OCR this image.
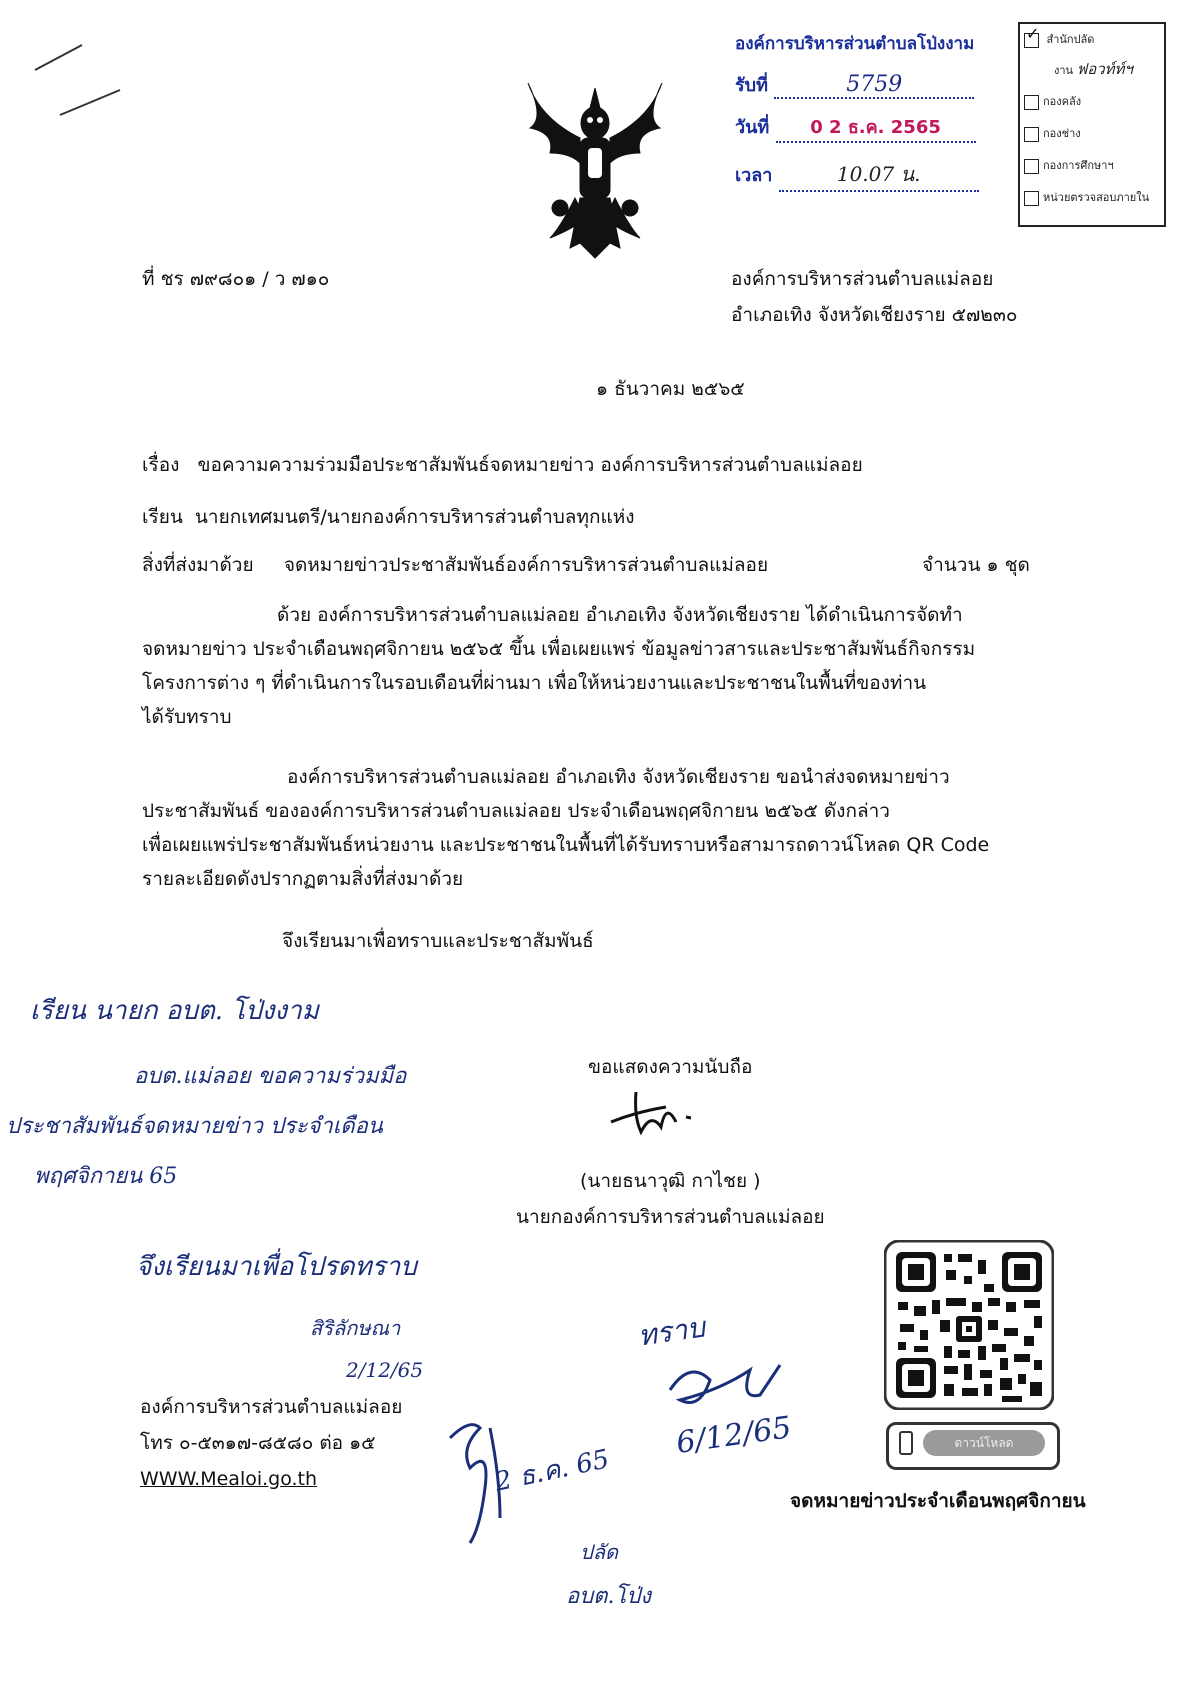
องค์การบริหารส่วนตำบลโป่งงาม
รับที่	5759
วันที่ 0 2 ธ.ค. 2565
เวลา	10.07 น.
✓ สำนักปลัด
งาน ฟอวท์ท์ฯ
กองคลัง
กองช่าง
กองการศึกษาฯ
หน่วยตรวจสอบภายใน
ที่ ชร ๗๙๘๐๑ / ว ๗๑๐	องค์การบริหารส่วนตำบลแม่ลอย
อำเภอเทิง จังหวัดเชียงราย ๕๗๒๓๐
๑ ธันวาคม ๒๕๖๕
เรื่อง ขอความความร่วมมือประชาสัมพันธ์จดหมายข่าว องค์การบริหารส่วนตำบลแม่ลอย
เรียน นายกเทศมนตรี/นายกองค์การบริหารส่วนตำบลทุกแห่ง
สิ่งที่ส่งมาด้วย จดหมายข่าวประชาสัมพันธ์องค์การบริหารส่วนตำบลแม่ลอย	จำนวน ๑ ชุด
ด้วย องค์การบริหารส่วนตำบลแม่ลอย อำเภอเทิง จังหวัดเชียงราย ได้ดำเนินการจัดทำ
จดหมายข่าว ประจำเดือนพฤศจิกายน ๒๕๖๕ ขึ้น เพื่อเผยแพร่ ข้อมูลข่าวสารและประชาสัมพันธ์กิจกรรม
โครงการต่าง ๆ ที่ดำเนินการในรอบเดือนที่ผ่านมา เพื่อให้หน่วยงานและประชาชนในพื้นที่ของท่าน
ได้รับทราบ
องค์การบริหารส่วนตำบลแม่ลอย อำเภอเทิง จังหวัดเชียงราย ขอนำส่งจดหมายข่าว
ประชาสัมพันธ์ ขององค์การบริหารส่วนตำบลแม่ลอย ประจำเดือนพฤศจิกายน ๒๕๖๕ ดังกล่าว
เพื่อเผยแพร่ประชาสัมพันธ์หน่วยงาน และประชาชนในพื้นที่ได้รับทราบหรือสามารถดาวน์โหลด QR Code
รายละเอียดดังปรากฏตามสิ่งที่ส่งมาด้วย
จึงเรียนมาเพื่อทราบและประชาสัมพันธ์
ขอแสดงความนับถือ
(นายธนาวุฒิ กาไชย )
นายกองค์การบริหารส่วนตำบลแม่ลอย
องค์การบริหารส่วนตำบลแม่ลอย
โทร ๐-๕๓๑๗-๘๕๘๐ ต่อ ๑๕
WWW.Mealoi.go.th
ดาวน์โหลด
จดหมายข่าวประจำเดือนพฤศจิกายน
เรียน นายก อบต. โป่งงาม
อบต.แม่ลอย ขอความร่วมมือ
ประชาสัมพันธ์จดหมายข่าว ประจำเดือน
พฤศจิกายน 65
จึงเรียนมาเพื่อโปรดทราบ
สิริลักษณา
2/12/65
ทราบ
6/12/65
2 ธ.ค. 65
ปลัด
อบต.โป่ง
